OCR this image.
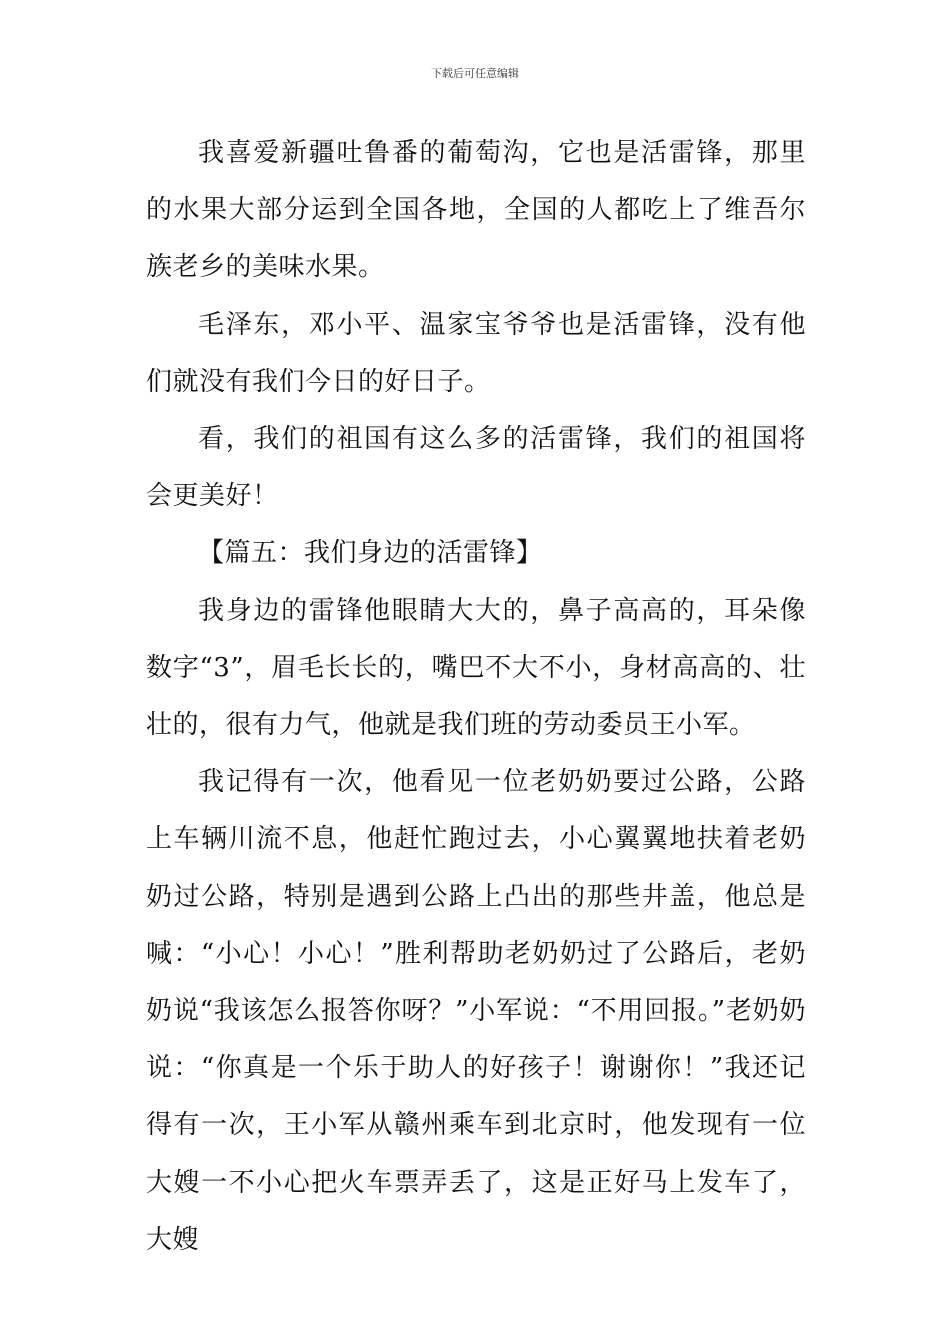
下载后可任意编辑

我喜爱新疆吐鲁番的葡萄沟，它也是活雷锋，那里的水果大部分运到全国各地，全国的人都吃上了维吾尔族老乡的美味水果。

毛泽东，邓小平、温家宝爷爷也是活雷锋，没有他们就没有我们今日的好日子。

看，我们的祖国有这么多的活雷锋，我们的祖国将会更美好！

【篇五：我们身边的活雷锋】

我身边的雷锋他眼睛大大的，鼻子高高的，耳朵像数字“3”，眉毛长长的，嘴巴不大不小，身材高高的、壮壮的，很有力气，他就是我们班的劳动委员王小军。

我记得有一次，他看见一位老奶奶要过公路，公路上车辆川流不息，他赶忙跑过去，小心翼翼地扶着老奶奶过公路，特别是遇到公路上凸出的那些井盖，他总是喊：“小心！小心！”胜利帮助老奶奶过了公路后，老奶奶说“我该怎么报答你呀？”小军说：“不用回报。”老奶奶说：“你真是一个乐于助人的好孩子！谢谢你！”我还记得有一次，王小军从赣州乘车到北京时，他发现有一位大嫂一不小心把火车票弄丢了，这是正好马上发车了，大嫂
